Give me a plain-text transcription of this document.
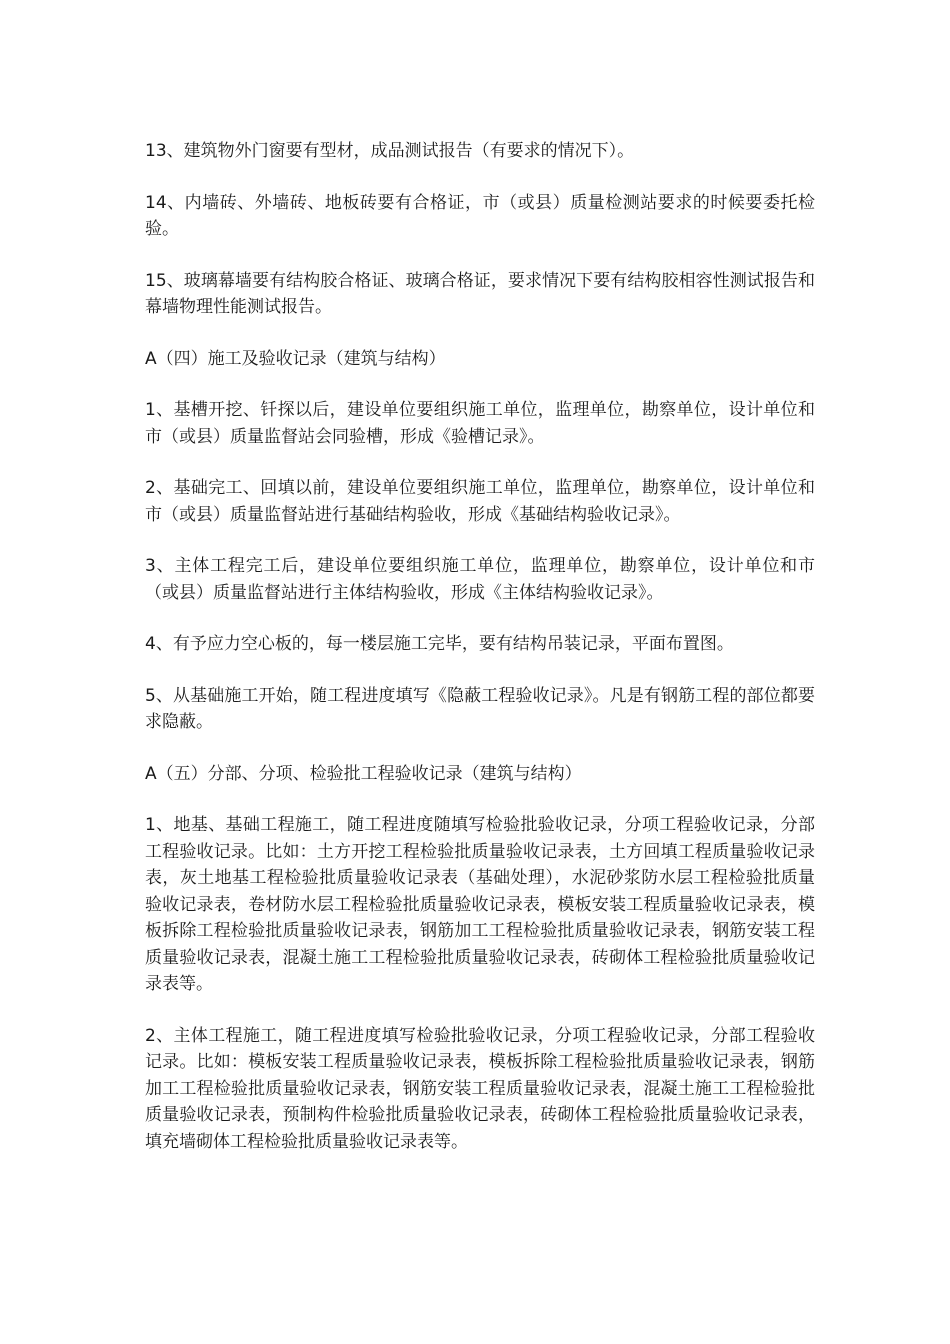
13、建筑物外门窗要有型材，成品测试报告（有要求的情况下）。

14、内墙砖、外墙砖、地板砖要有合格证，市（或县）质量检测站要求的时候要委托检验。

15、玻璃幕墙要有结构胶合格证、玻璃合格证，要求情况下要有结构胶相容性测试报告和幕墙物理性能测试报告。

A（四）施工及验收记录（建筑与结构）

1、基槽开挖、钎探以后，建设单位要组织施工单位，监理单位，勘察单位，设计单位和市（或县）质量监督站会同验槽，形成《验槽记录》。

2、基础完工、回填以前，建设单位要组织施工单位，监理单位，勘察单位，设计单位和市（或县）质量监督站进行基础结构验收，形成《基础结构验收记录》。

3、主体工程完工后，建设单位要组织施工单位，监理单位，勘察单位，设计单位和市（或县）质量监督站进行主体结构验收，形成《主体结构验收记录》。

4、有予应力空心板的，每一楼层施工完毕，要有结构吊装记录，平面布置图。

5、从基础施工开始，随工程进度填写《隐蔽工程验收记录》。凡是有钢筋工程的部位都要求隐蔽。

A（五）分部、分项、检验批工程验收记录（建筑与结构）

1、地基、基础工程施工，随工程进度随填写检验批验收记录，分项工程验收记录，分部工程验收记录。比如：土方开挖工程检验批质量验收记录表，土方回填工程质量验收记录表，灰土地基工程检验批质量验收记录表（基础处理），水泥砂浆防水层工程检验批质量验收记录表，卷材防水层工程检验批质量验收记录表，模板安装工程质量验收记录表，模板拆除工程检验批质量验收记录表，钢筋加工工程检验批质量验收记录表，钢筋安装工程质量验收记录表，混凝土施工工程检验批质量验收记录表，砖砌体工程检验批质量验收记录表等。

2、主体工程施工，随工程进度填写检验批验收记录，分项工程验收记录，分部工程验收记录。比如：模板安装工程质量验收记录表，模板拆除工程检验批质量验收记录表，钢筋加工工程检验批质量验收记录表，钢筋安装工程质量验收记录表，混凝土施工工程检验批质量验收记录表，预制构件检验批质量验收记录表，砖砌体工程检验批质量验收记录表，填充墙砌体工程检验批质量验收记录表等。
